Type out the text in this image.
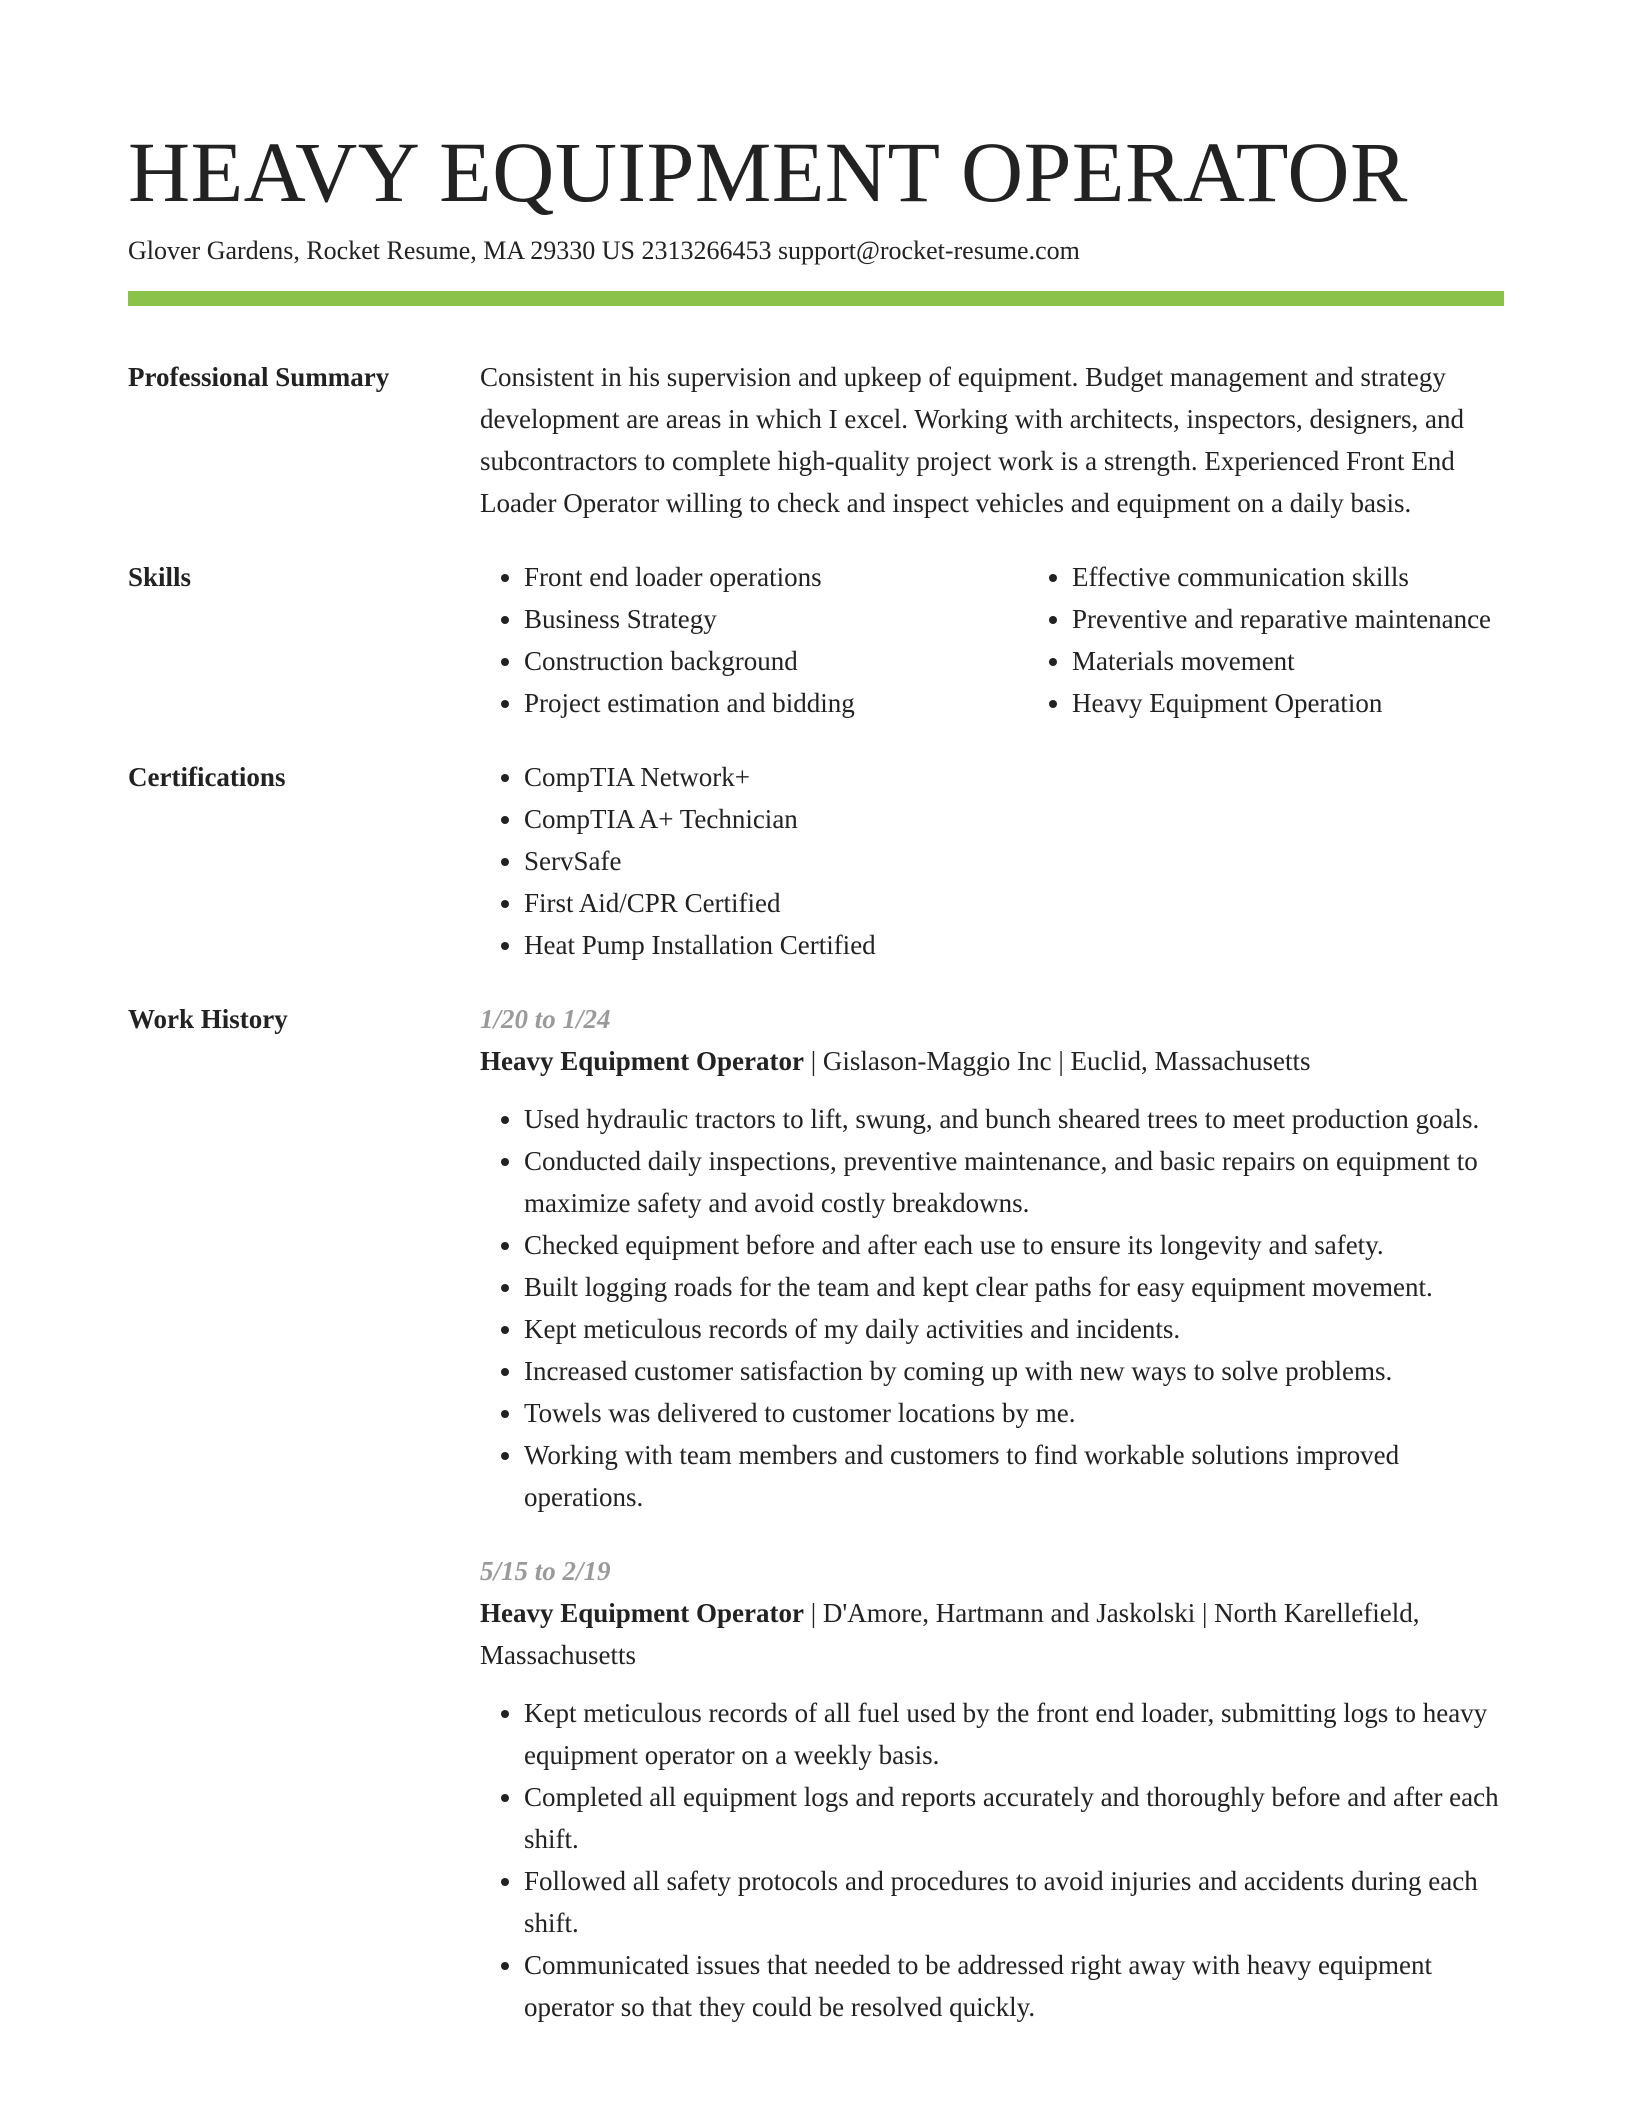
HEAVY EQUIPMENT OPERATOR
Glover Gardens, Rocket Resume, MA 29330 US 2313266453 support@rocket-resume.com
Professional Summary	Consistent in his supervision and upkeep of equipment. Budget management and strategy development are areas in which I excel. Working with architects, inspectors, designers, and subcontractors to complete high-quality project work is a strength. Experienced Front End Loader Operator willing to check and inspect vehicles and equipment on a daily basis.

Skills	• Front end loader operations
• Business Strategy
• Construction background
• Project estimation and bidding
• Effective communication skills
• Preventive and reparative maintenance
• Materials movement
• Heavy Equipment Operation
Certifications	• CompTIA Network+
• CompTIA A+ Technician
• ServSafe
• First Aid/CPR Certified
• Heat Pump Installation Certified
Work History	1/20 to 1/24
Heavy Equipment Operator | Gislason-Maggio Inc | Euclid, Massachusetts
• Used hydraulic tractors to lift, swung, and bunch sheared trees to meet production goals.
• Conducted daily inspections, preventive maintenance, and basic repairs on equipment to maximize safety and avoid costly breakdowns.
• Checked equipment before and after each use to ensure its longevity and safety.
• Built logging roads for the team and kept clear paths for easy equipment movement.
• Kept meticulous records of my daily activities and incidents.
• Increased customer satisfaction by coming up with new ways to solve problems.
• Towels was delivered to customer locations by me.
• Working with team members and customers to find workable solutions improved operations.
5/15 to 2/19
Heavy Equipment Operator | D'Amore, Hartmann and Jaskolski | North Karellefield, Massachusetts
• Kept meticulous records of all fuel used by the front end loader, submitting logs to heavy equipment operator on a weekly basis.
• Completed all equipment logs and reports accurately and thoroughly before and after each shift.
• Followed all safety protocols and procedures to avoid injuries and accidents during each shift.
• Communicated issues that needed to be addressed right away with heavy equipment operator so that they could be resolved quickly.
